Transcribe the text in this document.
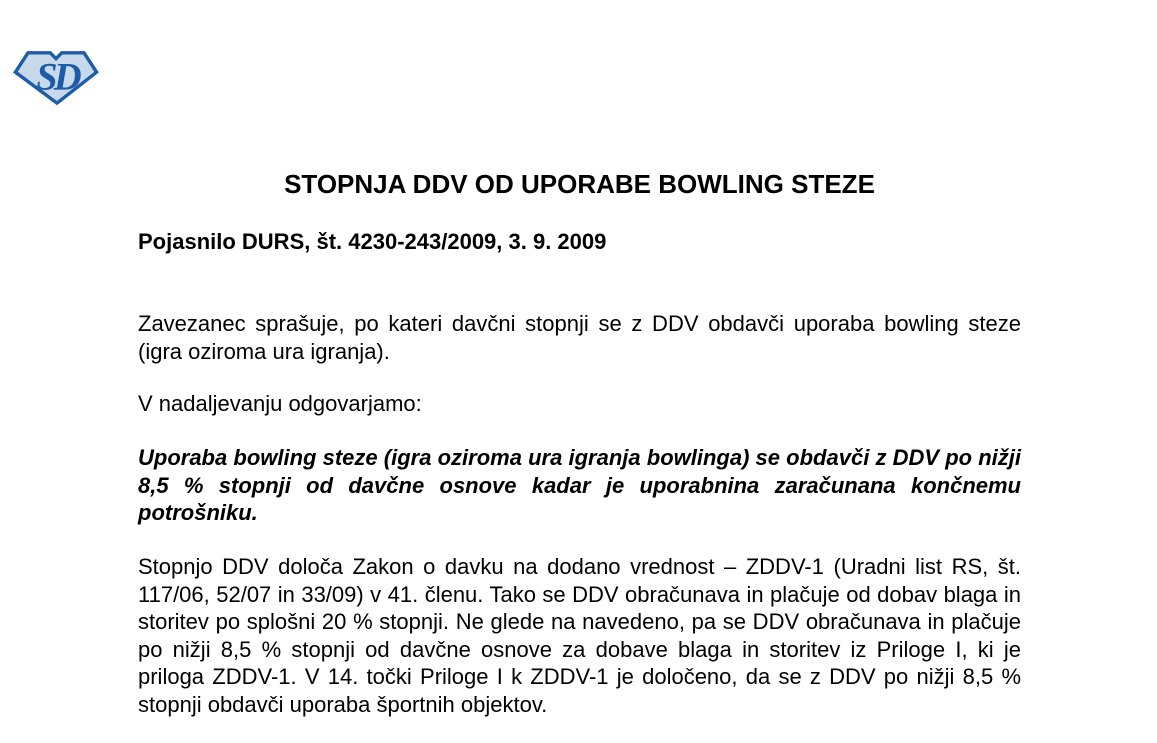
SD
STOPNJA DDV OD UPORABE BOWLING STEZE
Pojasnilo DURS, št. 4230-243/2009, 3. 9. 2009
Zavezanec sprašuje, po kateri davčni stopnji se z DDV obdavči uporaba bowling steze (igra oziroma ura igranja).
V nadaljevanju odgovarjamo:
Uporaba bowling steze (igra oziroma ura igranja bowlinga) se obdavči z DDV po nižji 8,5 % stopnji od davčne osnove kadar je uporabnina zaračunana končnemu potrošniku.
Stopnjo DDV določa Zakon o davku na dodano vrednost – ZDDV-1 (Uradni list RS, št. 117/06, 52/07 in 33/09) v 41. členu. Tako se DDV obračunava in plačuje od dobav blaga in storitev po splošni 20 % stopnji. Ne glede na navedeno, pa se DDV obračunava in plačuje po nižji 8,5 % stopnji od davčne osnove za dobave blaga in storitev iz Priloge I, ki je priloga ZDDV-1. V 14. točki Priloge I k ZDDV-1 je določeno, da se z DDV po nižji 8,5 % stopnji obdavči uporaba športnih objektov.
